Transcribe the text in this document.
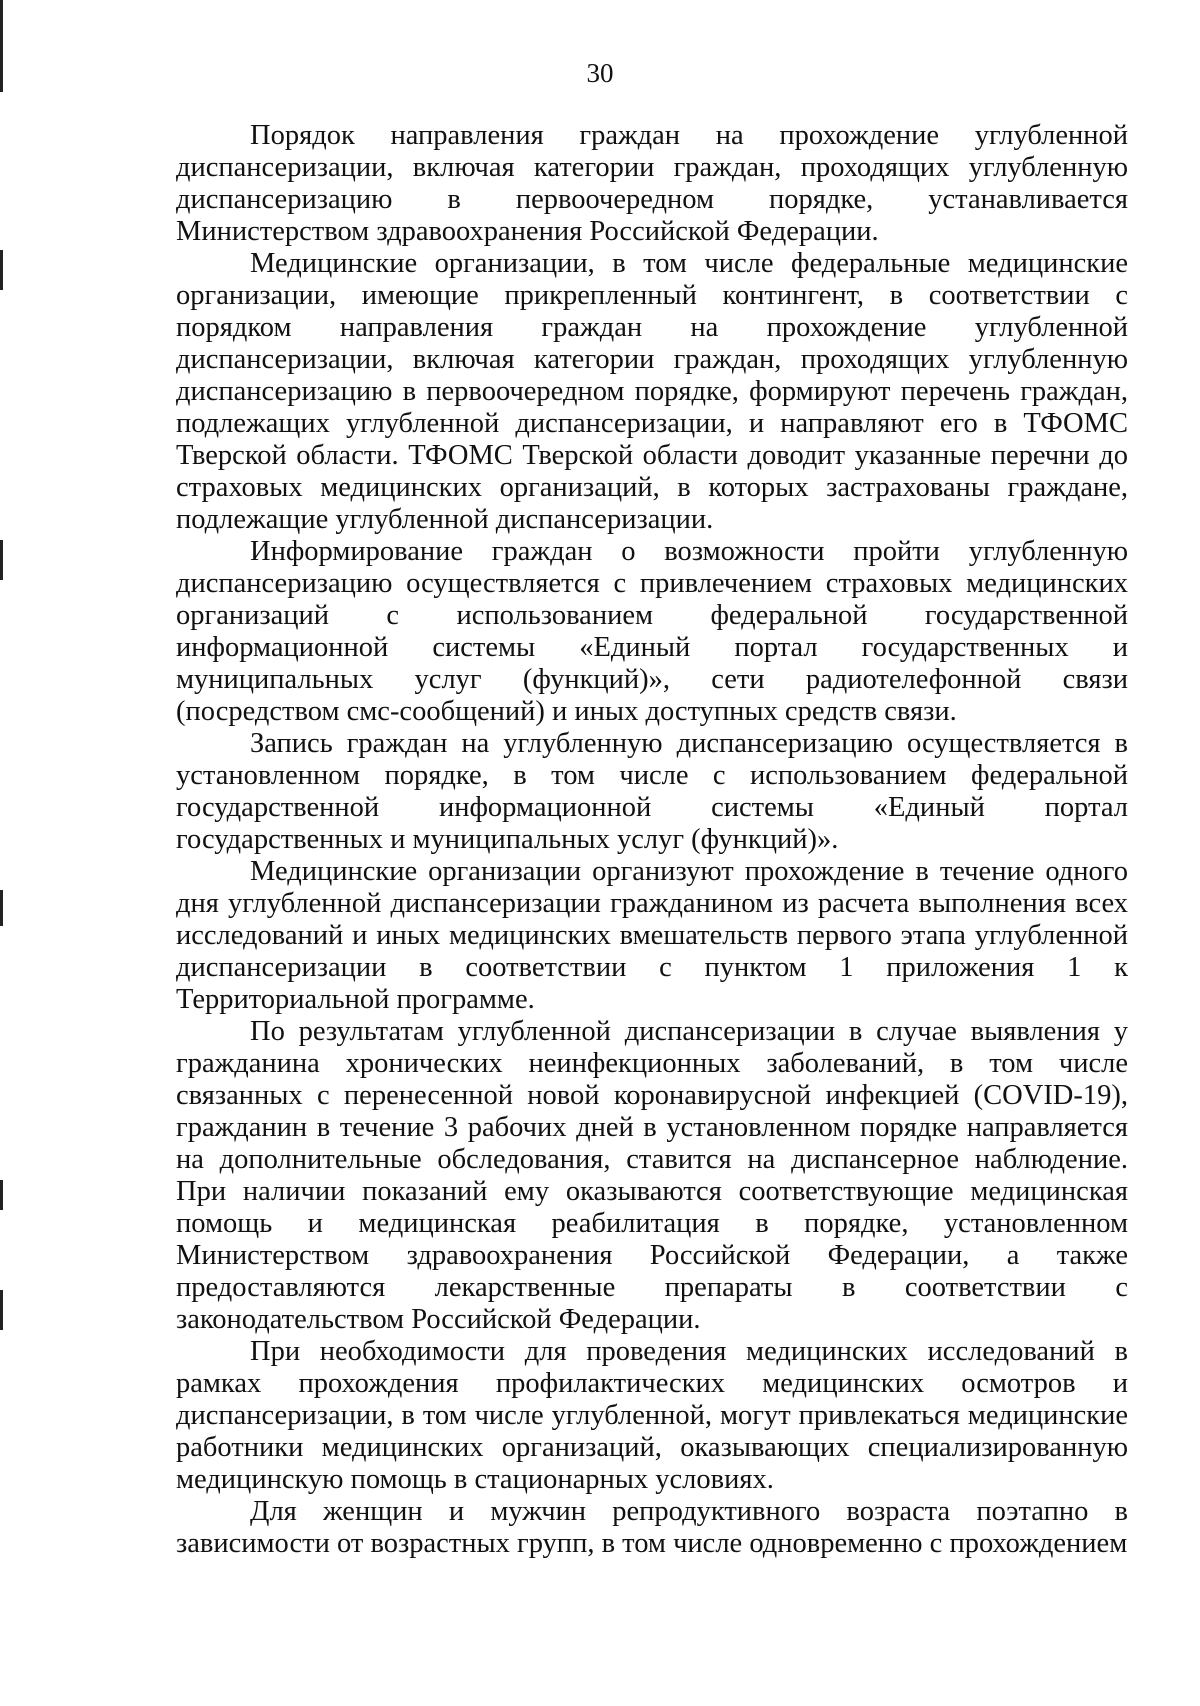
30

Порядок направления граждан на прохождение углубленной диспансеризации, включая категории граждан, проходящих углубленную диспансеризацию в первоочередном порядке, устанавливается Министерством здравоохранения Российской Федерации.

Медицинские организации, в том числе федеральные медицинские организации, имеющие прикрепленный контингент, в соответствии с порядком направления граждан на прохождение углубленной диспансеризации, включая категории граждан, проходящих углубленную диспансеризацию в первоочередном порядке, формируют перечень граждан, подлежащих углубленной диспансеризации, и направляют его в ТФОМС Тверской области. ТФОМС Тверской области доводит указанные перечни до страховых медицинских организаций, в которых застрахованы граждане, подлежащие углубленной диспансеризации.

Информирование граждан о возможности пройти углубленную диспансеризацию осуществляется с привлечением страховых медицинских организаций с использованием федеральной государственной информационной системы «Единый портал государственных и муниципальных услуг (функций)», сети радиотелефонной связи (посредством смс-сообщений) и иных доступных средств связи.

Запись граждан на углубленную диспансеризацию осуществляется в установленном порядке, в том числе с использованием федеральной государственной информационной системы «Единый портал государственных и муниципальных услуг (функций)».

Медицинские организации организуют прохождение в течение одного дня углубленной диспансеризации гражданином из расчета выполнения всех исследований и иных медицинских вмешательств первого этапа углубленной диспансеризации в соответствии с пунктом 1 приложения 1 к Территориальной программе.

По результатам углубленной диспансеризации в случае выявления у гражданина хронических неинфекционных заболеваний, в том числе связанных с перенесенной новой коронавирусной инфекцией (COVID-19), гражданин в течение 3 рабочих дней в установленном порядке направляется на дополнительные обследования, ставится на диспансерное наблюдение. При наличии показаний ему оказываются соответствующие медицинская помощь и медицинская реабилитация в порядке, установленном Министерством здравоохранения Российской Федерации, а также предоставляются лекарственные препараты в соответствии с законодательством Российской Федерации.

При необходимости для проведения медицинских исследований в рамках прохождения профилактических медицинских осмотров и диспансеризации, в том числе углубленной, могут привлекаться медицинские работники медицинских организаций, оказывающих специализированную медицинскую помощь в стационарных условиях.

Для женщин и мужчин репродуктивного возраста поэтапно в зависимости от возрастных групп, в том числе одновременно с прохождением
